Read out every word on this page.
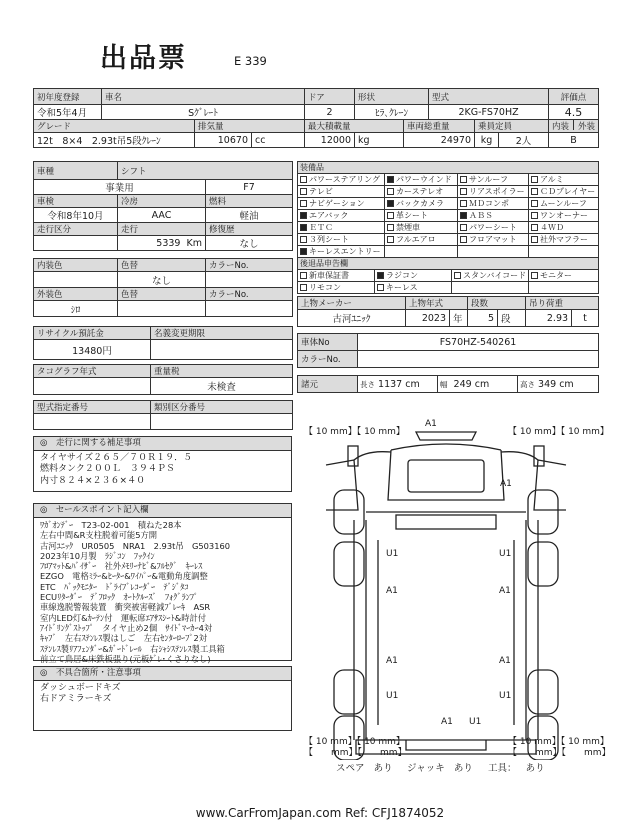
出品票	E 339
初年度登録	車名			ドア	形状		型式			評価点
令和5年4月	Sｸﾞﾚｰﾄ			2	ﾋﾗ､ｸﾚｰﾝ		2KG-FS70HZ			4.5
グレード		排気量		最大積載量		車両総重量		乗員定員		内装 外装
12t　8×4　2.93t吊5段ｸﾚｰﾝ		10670	cc	12000	kg	24970		kg	2人	B
車種	シフト	
事業用		F7
車検	冷房	燃料
令和8年10月	AAC	軽油
走行区分	走行	修復歴
	5339 Km	なし
内装色	色替	カラーNo.
	なし	
外装色	色替	カラーNo.
ｼﾛ		
リサイクル預託金	名義変更期限
13480円	
タコグラフ年式	重量税
	未検査
型式指定番号	類別区分番号

装備品			
パワーステアリング	パワーウインド	サンルーフ	アルミ
テレビ	カーステレオ	リアスポイラー	ＣＤプレイヤー
ナビゲーション	バックカメラ	ＭＤコンポ	ムーンルーフ
エアバック	革シート	ＡＢＳ	ワンオーナー
ＥＴＣ	禁煙車	パワーシート	４ＷＤ
３列シート	フルエアロ	フロアマット	社外マフラー
キーレスエントリー			
後退品申告欄			
新車保証書	ラジコン	スタンバイコード	モニター
リモコン	キーレス		
上物メーカー	上物年式		段数		吊り荷重	
古河ﾕﾆｯｸ	2023	年	5	段	2.93	t
車体No	FS70HZ-540261
カラーNo.	
諸元	長さ 1137 cm	幅 249 cm	高さ 349 cm
◎　走行に関する補足事項
タイヤサイズ２６５／７０Ｒ１９．５
燃料タンク２００Ｌ　３９４ＰＳ
内寸８２４×２３６×４０
◎　セールスポイント記入欄
ﾜｶﾞｵﾝﾃﾞｰ　T23-02-001　積ねた28本
左右中間&R支柱脱着可能5方開
古河ﾕﾆｯｸ　UR0505　NRA1　2.93t吊　G503160
2023年10月製　ﾗｼﾞｺﾝ　ﾌｯｸｲﾝ
ﾌﾛｱﾏｯﾄ&ﾊﾞｲｻﾞｰ　社外ﾒﾓﾘｰﾅﾋﾞ&ﾌﾙｾｸﾞ　ｷｰﾚｽ
EZGO　電格ﾐﾗｰ&ﾋｰﾀｰ&ﾜｲﾊﾟｰ&電動角度調整
ETC　ﾊﾞｯｸﾓﾆﾀｰ　ﾄﾞﾗｲﾌﾞﾚｺｰﾀﾞｰ　ﾃﾞｼﾞﾀｺ
ECUﾘﾀｰﾀﾞｰ　ﾃﾞﾌﾛｯｸ　ｵｰﾄｸﾙｰｽﾞ　ﾌｫｸﾞﾗﾝﾌﾟ
車線逸脱警報装置　衝突被害軽減ﾌﾞﾚｰｷ　ASR
室内LED灯&ｶｰﾃﾝ付　運転席ｴｱｻｽｼｰﾄ&時計付
ｱｲﾄﾞﾘﾝｸﾞｽﾄｯﾌﾟ　タイヤ止め2個　ｻｲﾄﾞﾏｰｶｰ4対
ｷｬﾌﾞ　左右ｽﾃﾝﾚｽ製はしご　左右ｾﾝﾀｰﾛｰﾌﾟ2対
ｽﾃﾝﾚｽ製ﾘｱﾌｪﾝﾀﾞｰ&ｶﾞｰﾄﾞﾚｰﾙ　右ｼｬｼｽﾃﾝﾚｽ製工具箱
前立て鳥居&床鉄板張り(元板ｹﾞﾚ･くさりなし)
◎　不具合箇所・注意事項
ダッシュボードキズ
右ドアミラーキズ
【 10 mm】【 10 mm】	【 10 mm】【 10 mm】
【 10 mm】【 10 mm】
【　　mm】【　　mm】
【 10 mm】【 10 mm】
【　　mm】【　　mm】
A1
A1
U1	U1
A1	A1
A1	A1
U1	U1
A1 U1
スペア あり ジャッキ あり 工具：   あり
www.CarFromJapan.com Ref: CFJ1874052
